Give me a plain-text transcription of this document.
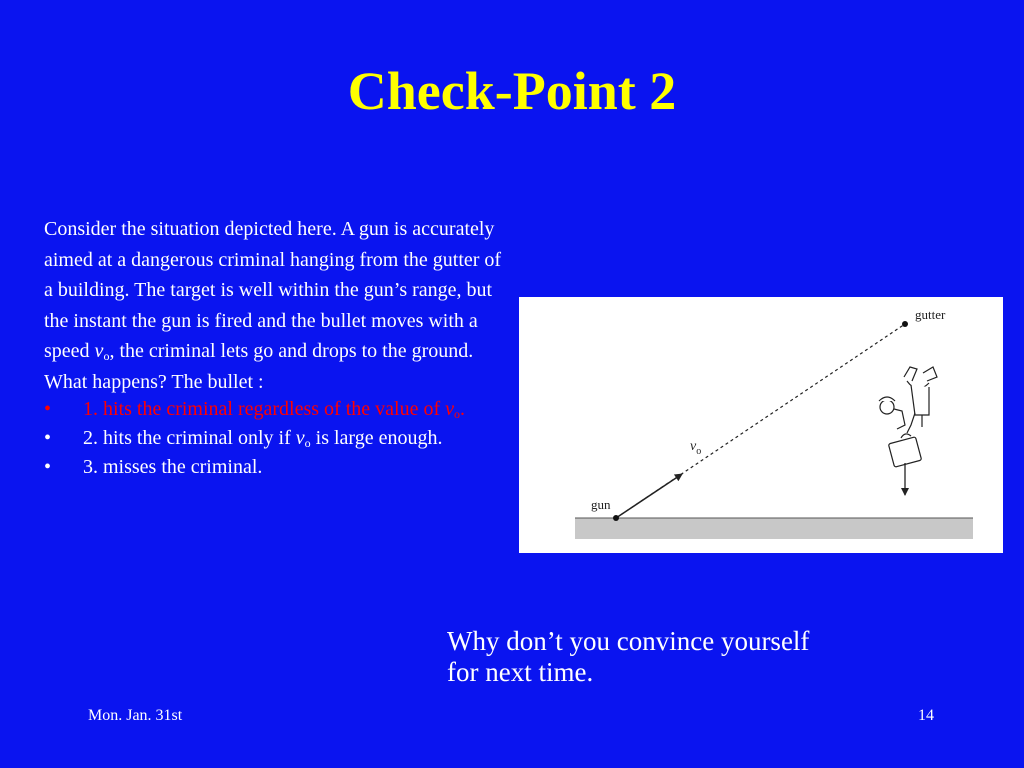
Check-Point 2

Consider the situation depicted here. A gun is accurately aimed at a dangerous criminal hanging from the gutter of a building. The target is well within the gun’s range, but the instant the gun is fired and the bullet moves with a speed $v_o$, the criminal lets go and drops to the ground. What happens? The bullet :

• 1. hits the criminal regardless of the value of $v_o$.
• 2. hits the criminal only if $v_o$ is large enough.
• 3. misses the criminal.
gutter
gun
$v_o$

Why don’t you convince yourself for next time.

Mon. Jan. 31st	14
